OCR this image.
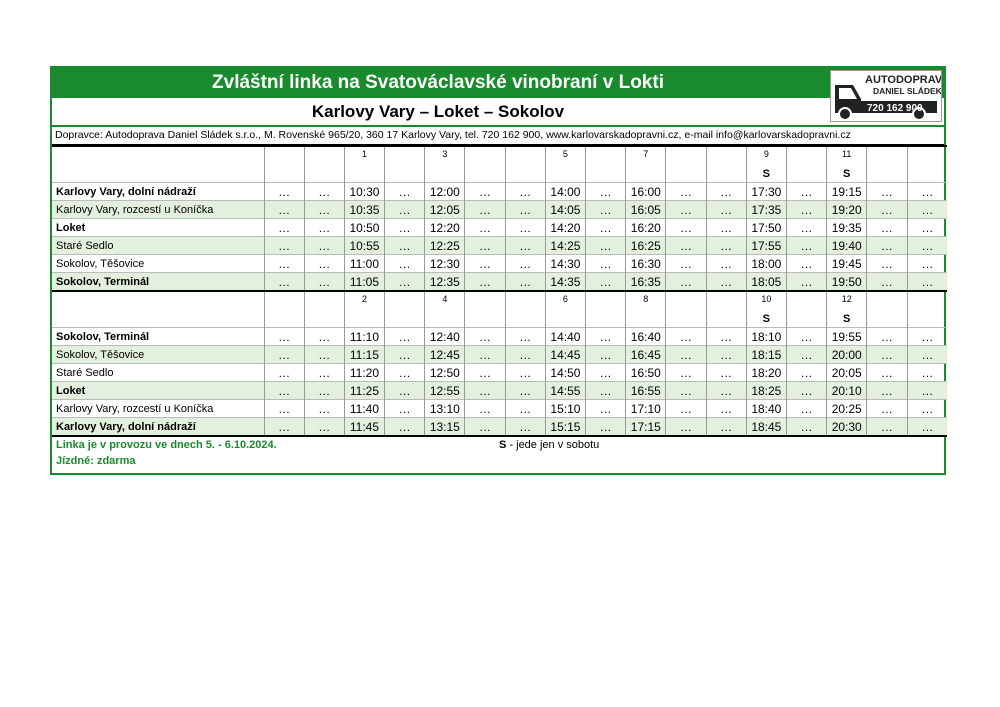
Zvláštní linka na Svatováclavské vinobraní v Lokti
Karlovy Vary – Loket – Sokolov
AUTODOPRAVA
DANIEL SLÁDEK
720 162 900
Dopravce: Autodoprava Daniel Sládek s.r.o., M. Rovenské 965/20, 360 17 Karlovy Vary, tel. 720 162 900, www.karlovarskadopravni.cz, e-mail info@karlovarskadopravni.cz
			1		3			5		7			9		11		
													S		S		
Karlovy Vary, dolní nádraží	…	…	10:30	…	12:00	…	…	14:00	…	16:00	…	…	17:30	…	19:15	…	…
Karlovy Vary, rozcestí u Koníčka	…	…	10:35	…	12:05	…	…	14:05	…	16:05	…	…	17:35	…	19:20	…	…
Loket	…	…	10:50	…	12:20	…	…	14:20	…	16:20	…	…	17:50	…	19:35	…	…
Staré Sedlo	…	…	10:55	…	12:25	…	…	14:25	…	16:25	…	…	17:55	…	19:40	…	…
Sokolov, Těšovice	…	…	11:00	…	12:30	…	…	14:30	…	16:30	…	…	18:00	…	19:45	…	…
Sokolov, Terminál	…	…	11:05	…	12:35	…	…	14:35	…	16:35	…	…	18:05	…	19:50	…	…
			2		4			6		8			10		12		
													S		S		
Sokolov, Terminál	…	…	11:10	…	12:40	…	…	14:40	…	16:40	…	…	18:10	…	19:55	…	…
Sokolov, Těšovice	…	…	11:15	…	12:45	…	…	14:45	…	16:45	…	…	18:15	…	20:00	…	…
Staré Sedlo	…	…	11:20	…	12:50	…	…	14:50	…	16:50	…	…	18:20	…	20:05	…	…
Loket	…	…	11:25	…	12:55	…	…	14:55	…	16:55	…	…	18:25	…	20:10	…	…
Karlovy Vary, rozcestí u Koníčka	…	…	11:40	…	13:10	…	…	15:10	…	17:10	…	…	18:40	…	20:25	…	…
Karlovy Vary, dolní nádraží	…	…	11:45	…	13:15	…	…	15:15	…	17:15	…	…	18:45	…	20:30	…	…
Linka je v provozu ve dnech 5. - 6.10.2024.
Jízdné: zdarma
S - jede jen v sobotu
